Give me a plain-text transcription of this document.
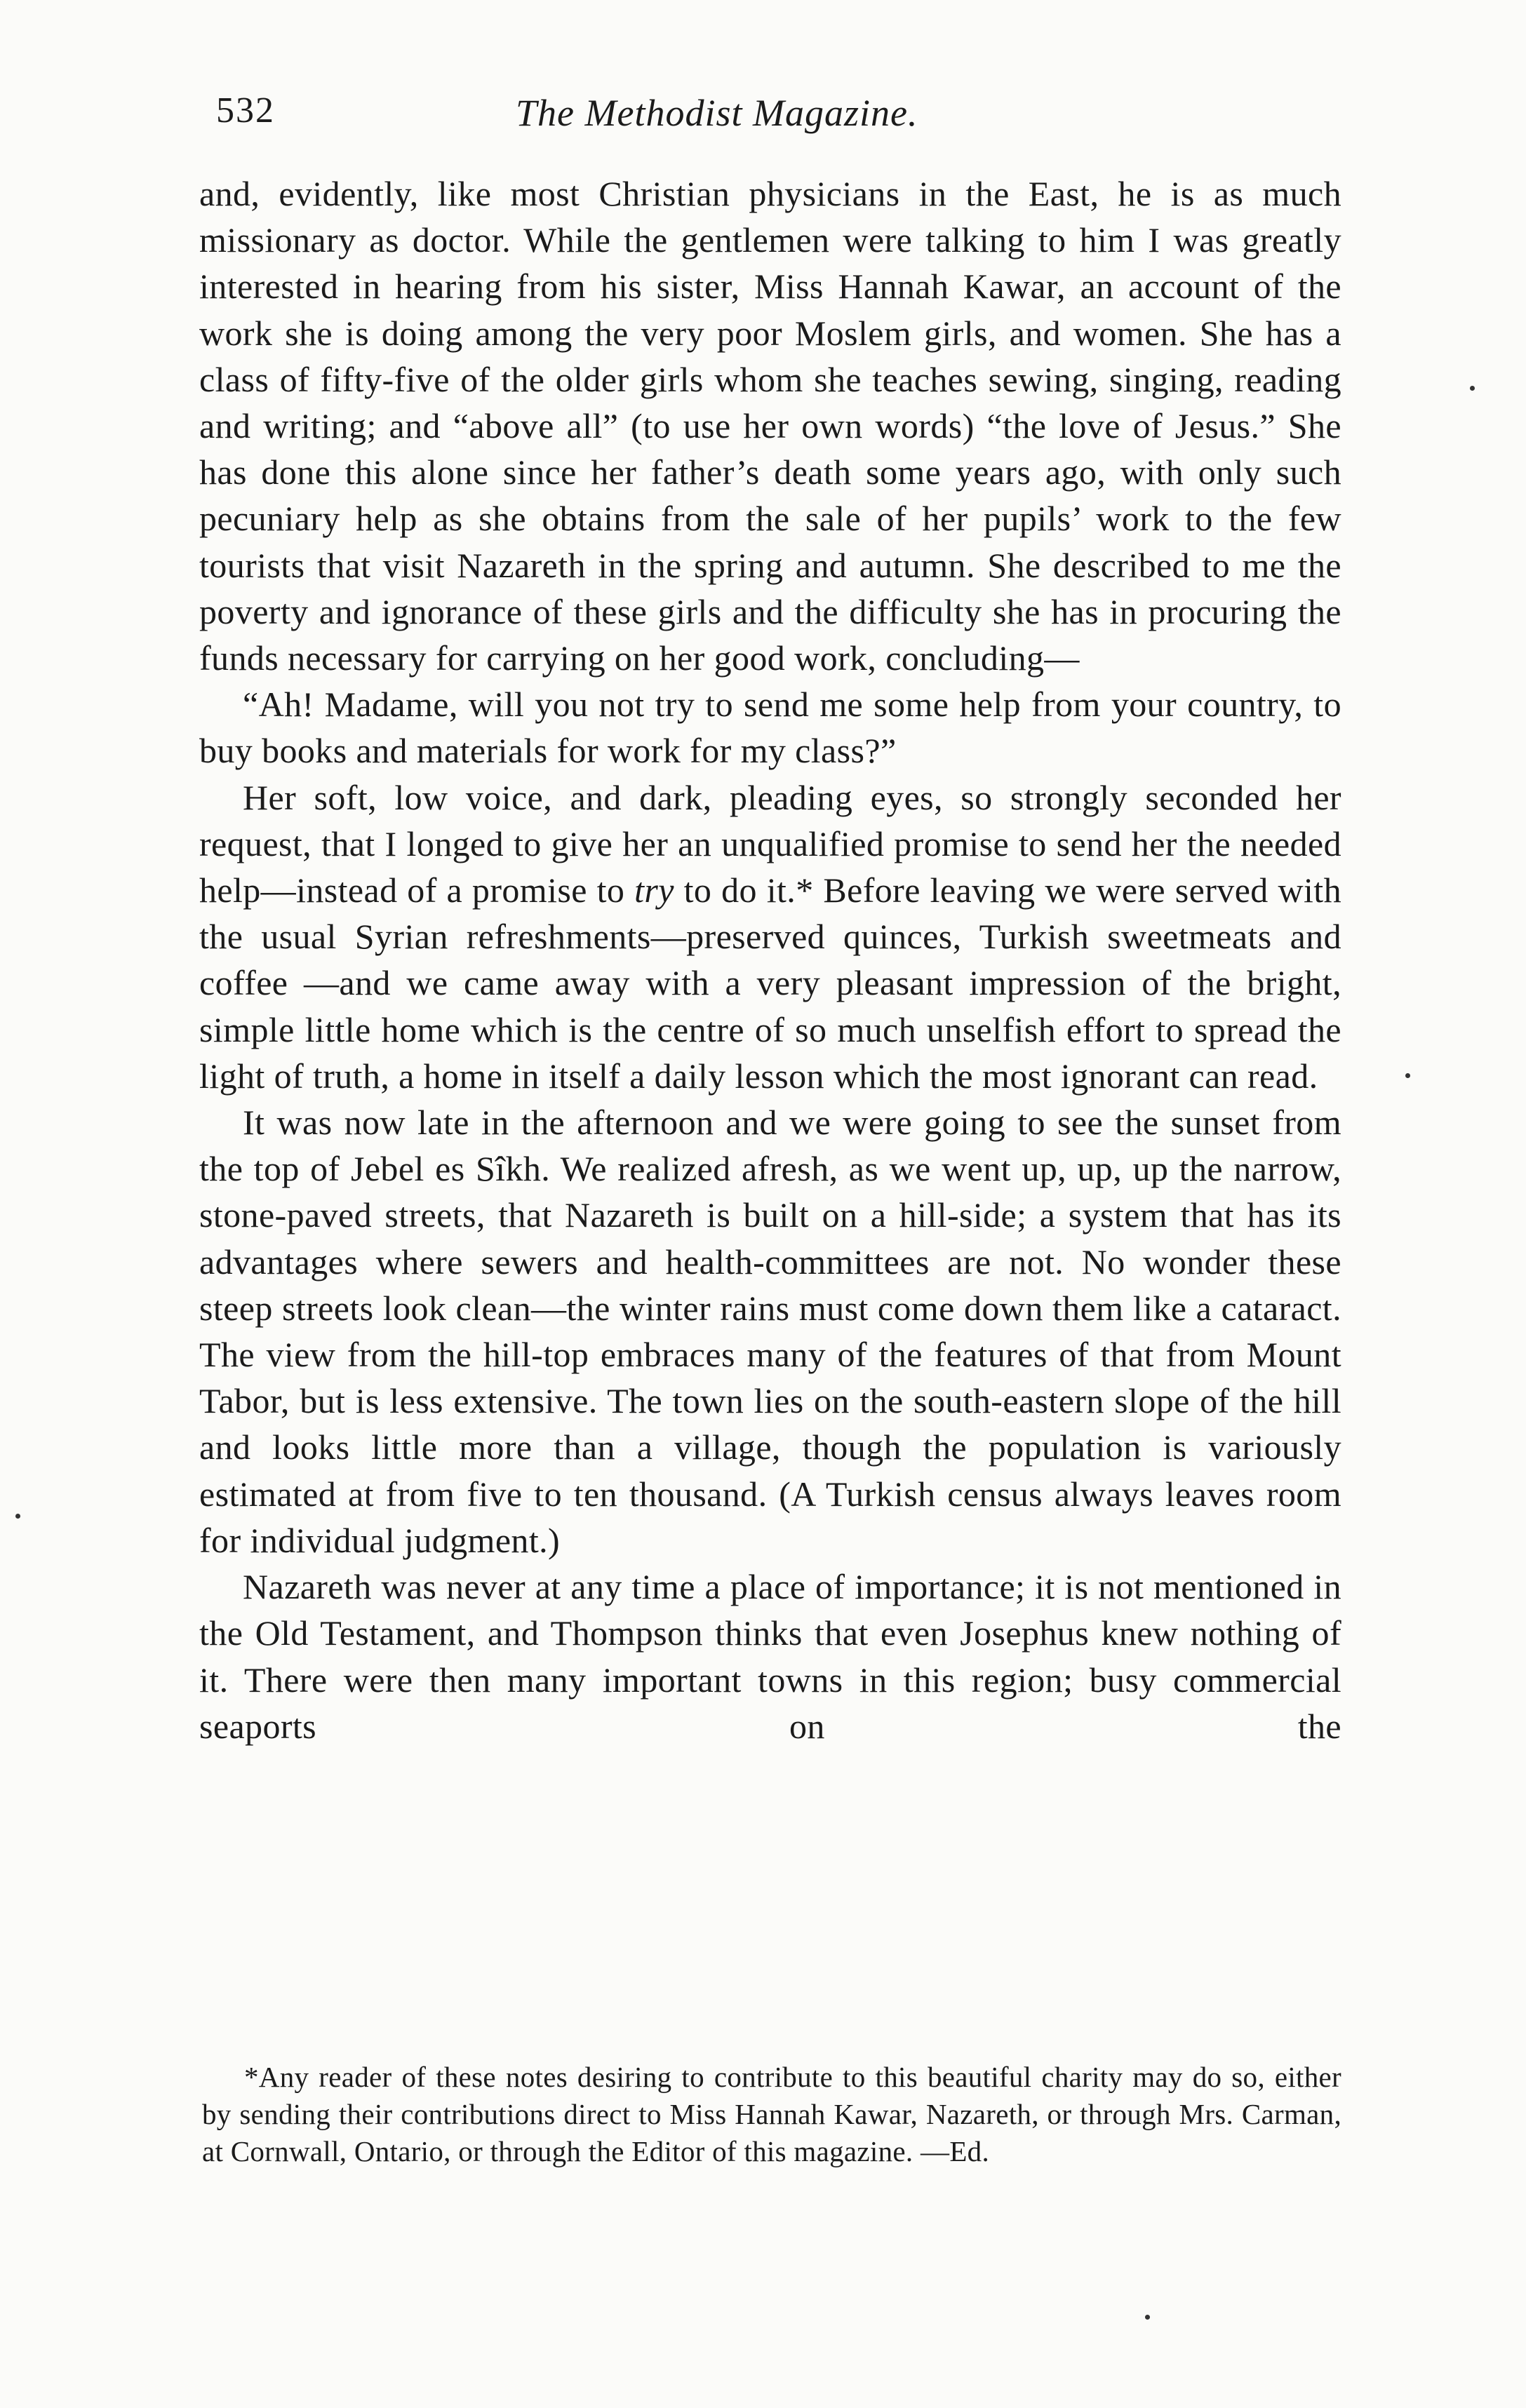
532	The Methodist Magazine.

and, evidently, like most Christian physicians in the East, he is as much missionary as doctor. While the gentlemen were talking to him I was greatly interested in hearing from his sister, Miss Hannah Kawar, an account of the work she is doing among the very poor Moslem girls, and women. She has a class of fifty-five of the older girls whom she teaches sewing, singing, reading and writing; and “above all” (to use her own words) “the love of Jesus.” She has done this alone since her father’s death some years ago, with only such pecuniary help as she obtains from the sale of her pupils’ work to the few tourists that visit Nazareth in the spring and autumn. She described to me the poverty and ignorance of these girls and the difficulty she has in procuring the funds necessary for carrying on her good work, concluding—

“Ah! Madame, will you not try to send me some help from your country, to buy books and materials for work for my class?”

Her soft, low voice, and dark, pleading eyes, so strongly seconded her request, that I longed to give her an unqualified promise to send her the needed help—instead of a promise to try to do it.* Before leaving we were served with the usual Syrian refreshments—preserved quinces, Turkish sweetmeats and coffee —and we came away with a very pleasant impression of the bright, simple little home which is the centre of so much unselfish effort to spread the light of truth, a home in itself a daily lesson which the most ignorant can read.

It was now late in the afternoon and we were going to see the sunset from the top of Jebel es Sîkh. We realized afresh, as we went up, up, up the narrow, stone-paved streets, that Nazareth is built on a hill-side; a system that has its advantages where sewers and health-committees are not. No wonder these steep streets look clean—the winter rains must come down them like a cataract. The view from the hill-top embraces many of the features of that from Mount Tabor, but is less extensive. The town lies on the south-eastern slope of the hill and looks little more than a village, though the population is variously estimated at from five to ten thousand. (A Turkish census always leaves room for individual judgment.)

Nazareth was never at any time a place of importance; it is not mentioned in the Old Testament, and Thompson thinks that even Josephus knew nothing of it. There were then many important towns in this region; busy commercial seaports on the

*Any reader of these notes desiring to contribute to this beautiful charity may do so, either by sending their contributions direct to Miss Hannah Kawar, Nazareth, or through Mrs. Carman, at Cornwall, Ontario, or through the Editor of this magazine. —Ed.
